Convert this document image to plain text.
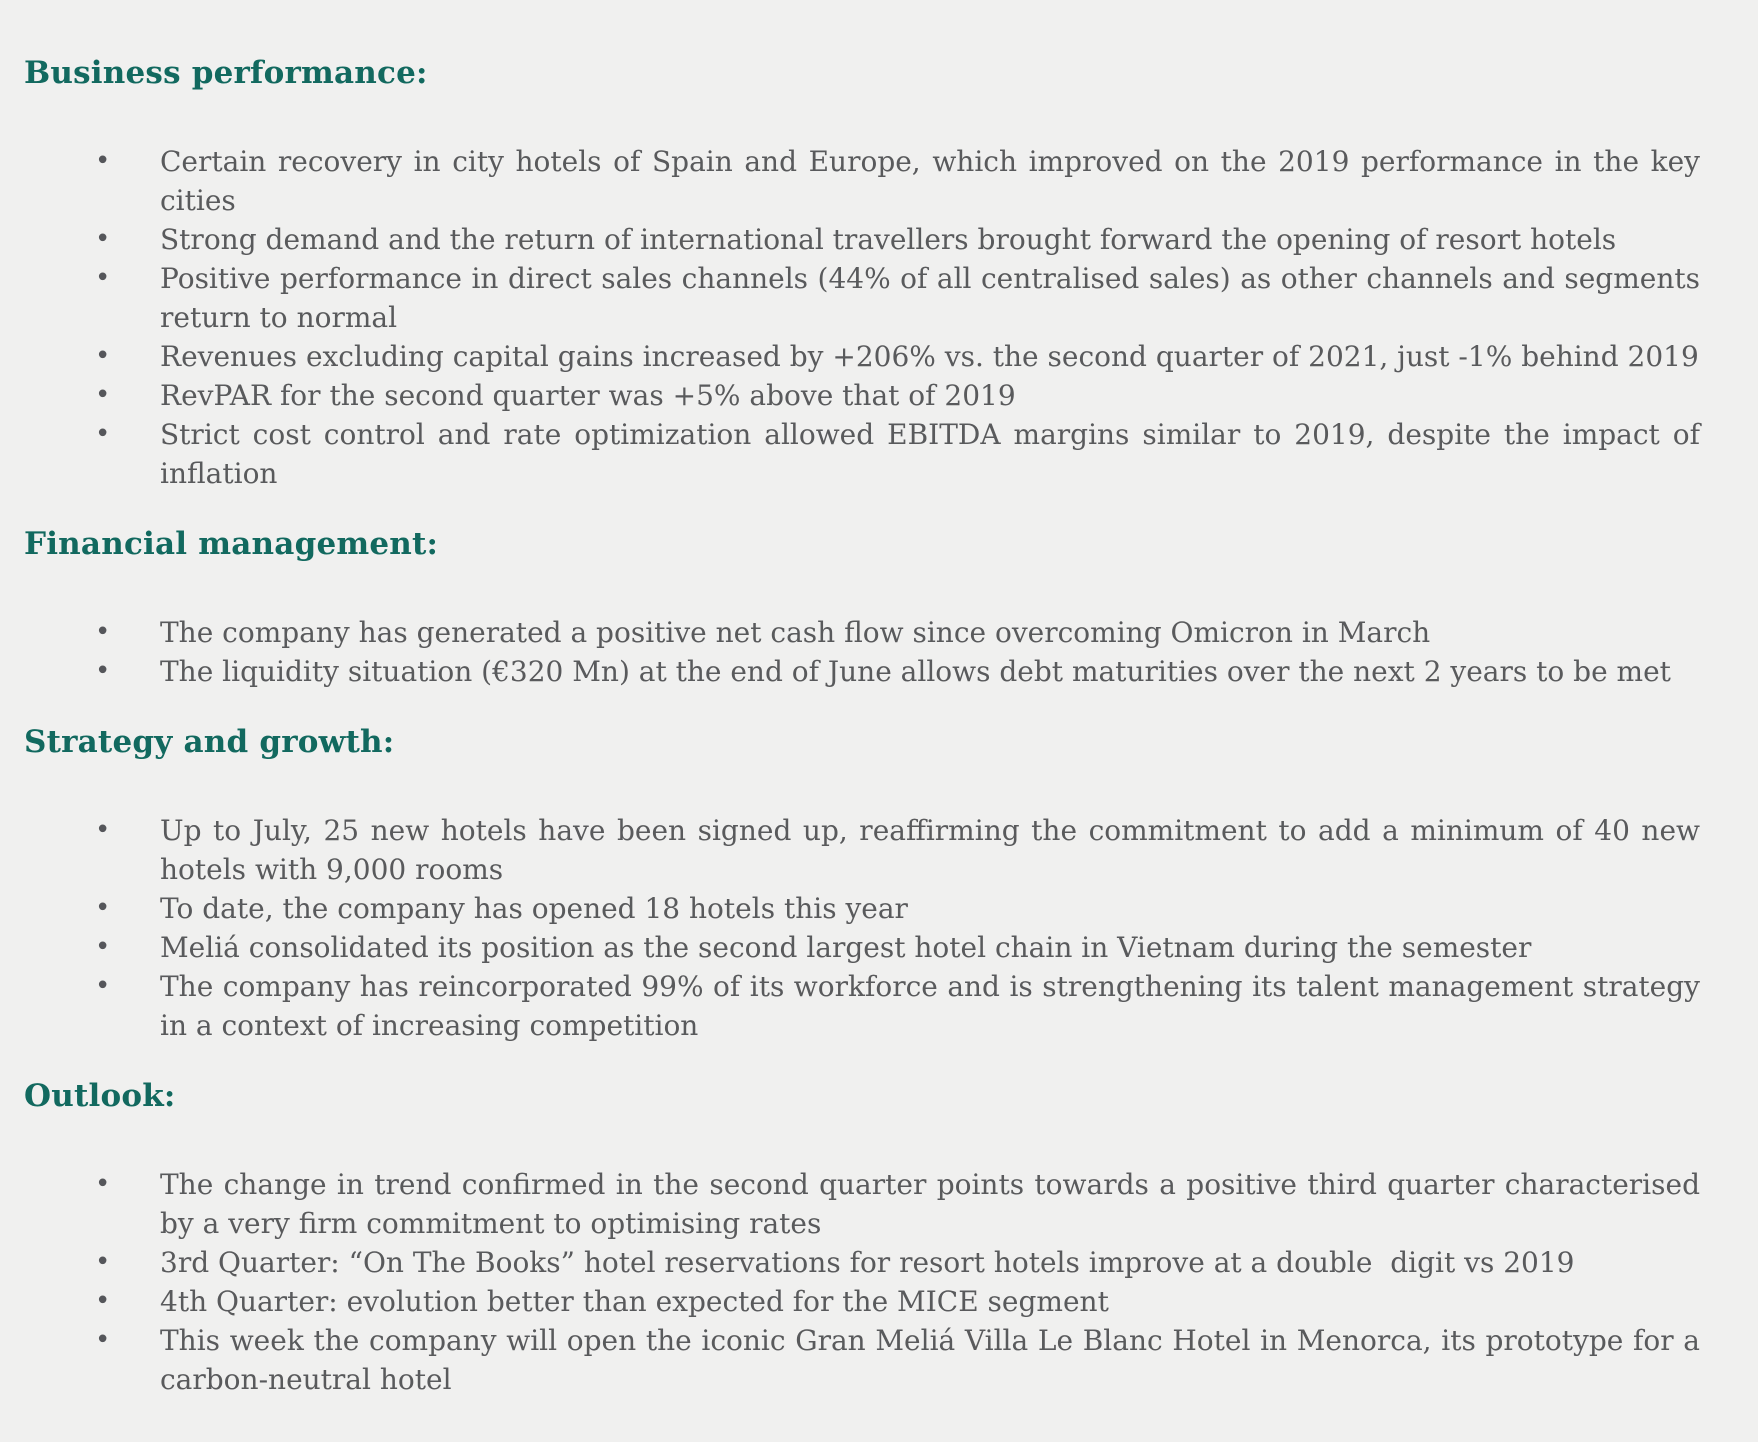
Business performance:
•	Certain recovery in city hotels of Spain and Europe, which improved on the 2019 performance in the key cities
•	Strong demand and the return of international travellers brought forward the opening of resort hotels
•	Positive performance in direct sales channels (44% of all centralised sales) as other channels and segments return to normal
•	Revenues excluding capital gains increased by +206% vs. the second quarter of 2021, just -1% behind 2019
•	RevPAR for the second quarter was +5% above that of 2019
•	Strict cost control and rate optimization allowed EBITDA margins similar to 2019, despite the impact of inflation
Financial management:
•	The company has generated a positive net cash flow since overcoming Omicron in March
•	The liquidity situation (€320 Mn) at the end of June allows debt maturities over the next 2 years to be met
Strategy and growth:
•	Up to July, 25 new hotels have been signed up, reaffirming the commitment to add a minimum of 40 new hotels with 9,000 rooms
•	To date, the company has opened 18 hotels this year
•	Meliá consolidated its position as the second largest hotel chain in Vietnam during the semester
•	The company has reincorporated 99% of its workforce and is strengthening its talent management strategy in a context of increasing competition
Outlook:
•	The change in trend confirmed in the second quarter points towards a positive third quarter characterised by a very firm commitment to optimising rates
•	3rd Quarter: “On The Books” hotel reservations for resort hotels improve at a double  digit vs 2019
•	4th Quarter: evolution better than expected for the MICE segment
•	This week the company will open the iconic Gran Meliá Villa Le Blanc Hotel in Menorca, its prototype for a carbon-neutral hotel
